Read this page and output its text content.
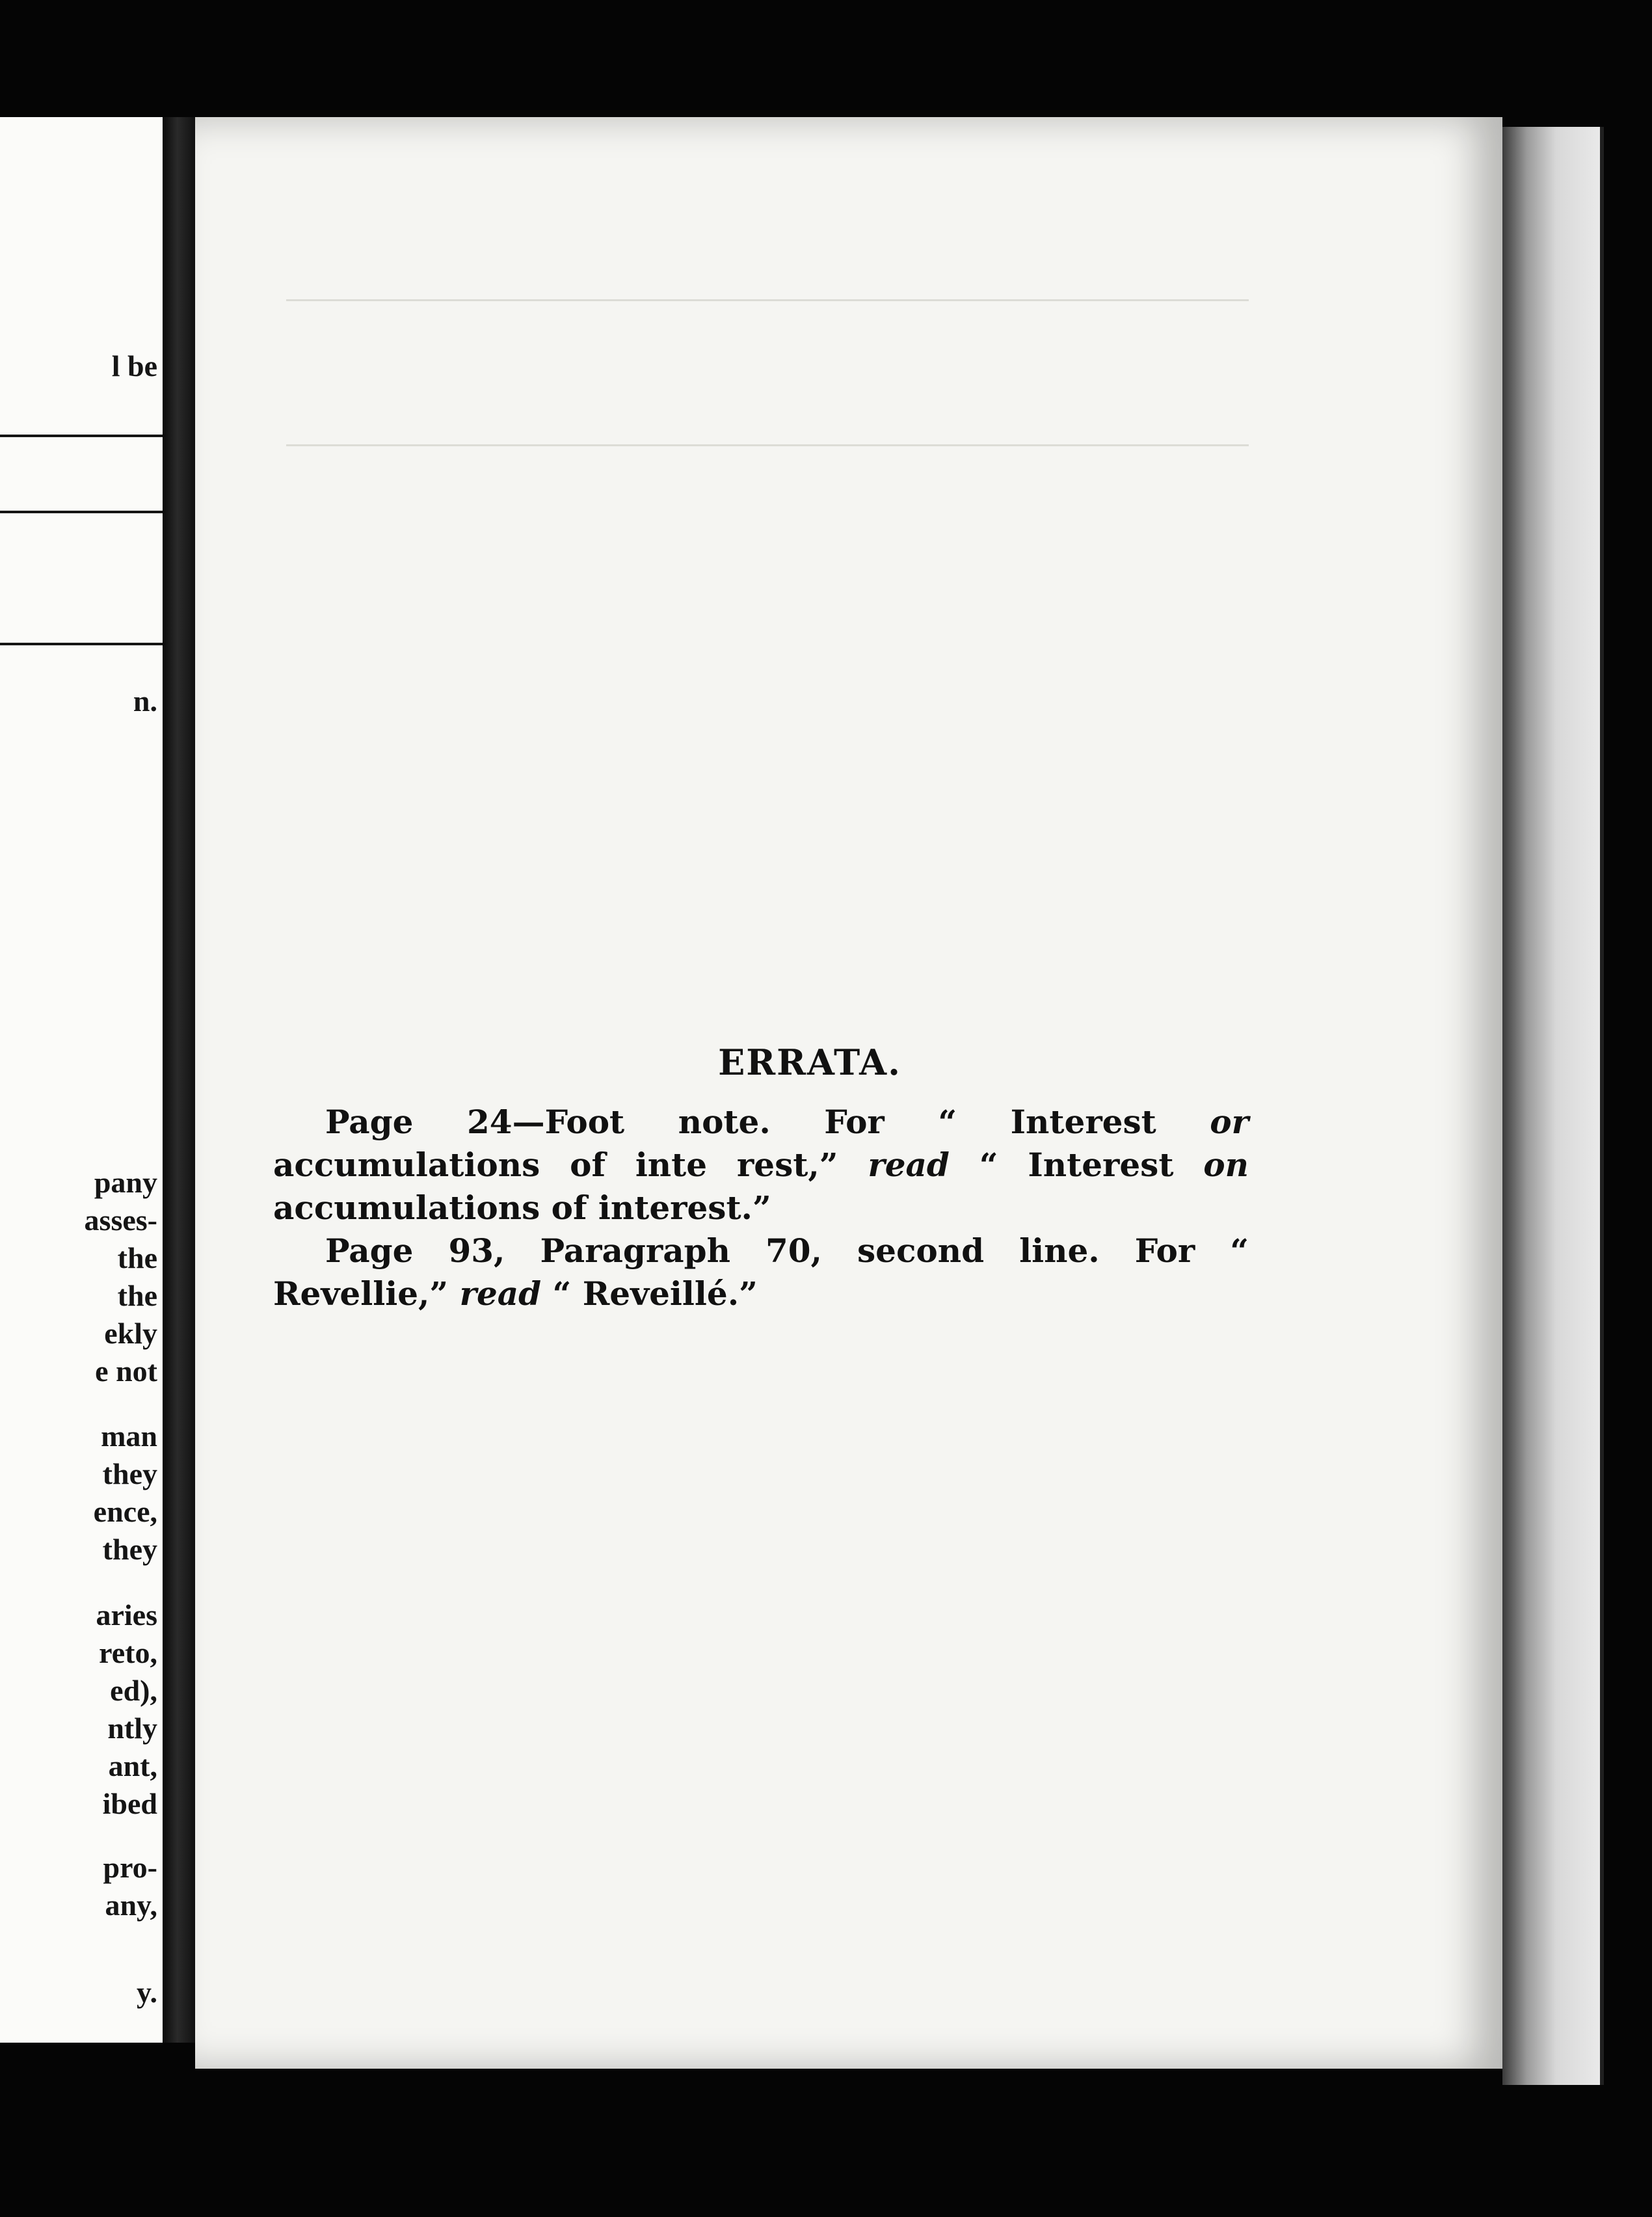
l be
n.
pany
asses-
the
the
ekly
e not
man
they
ence,
they
aries
reto,
ed),
ntly
ant,
ibed
pro-
any,
y.

ERRATA.

Page 24—Foot note. For “ Interest or accumulations of inte rest,” read “ Interest on accumulations of interest.”

Page 93, Paragraph 70, second line. For “ Revellie,” read “ Reveillé.”
